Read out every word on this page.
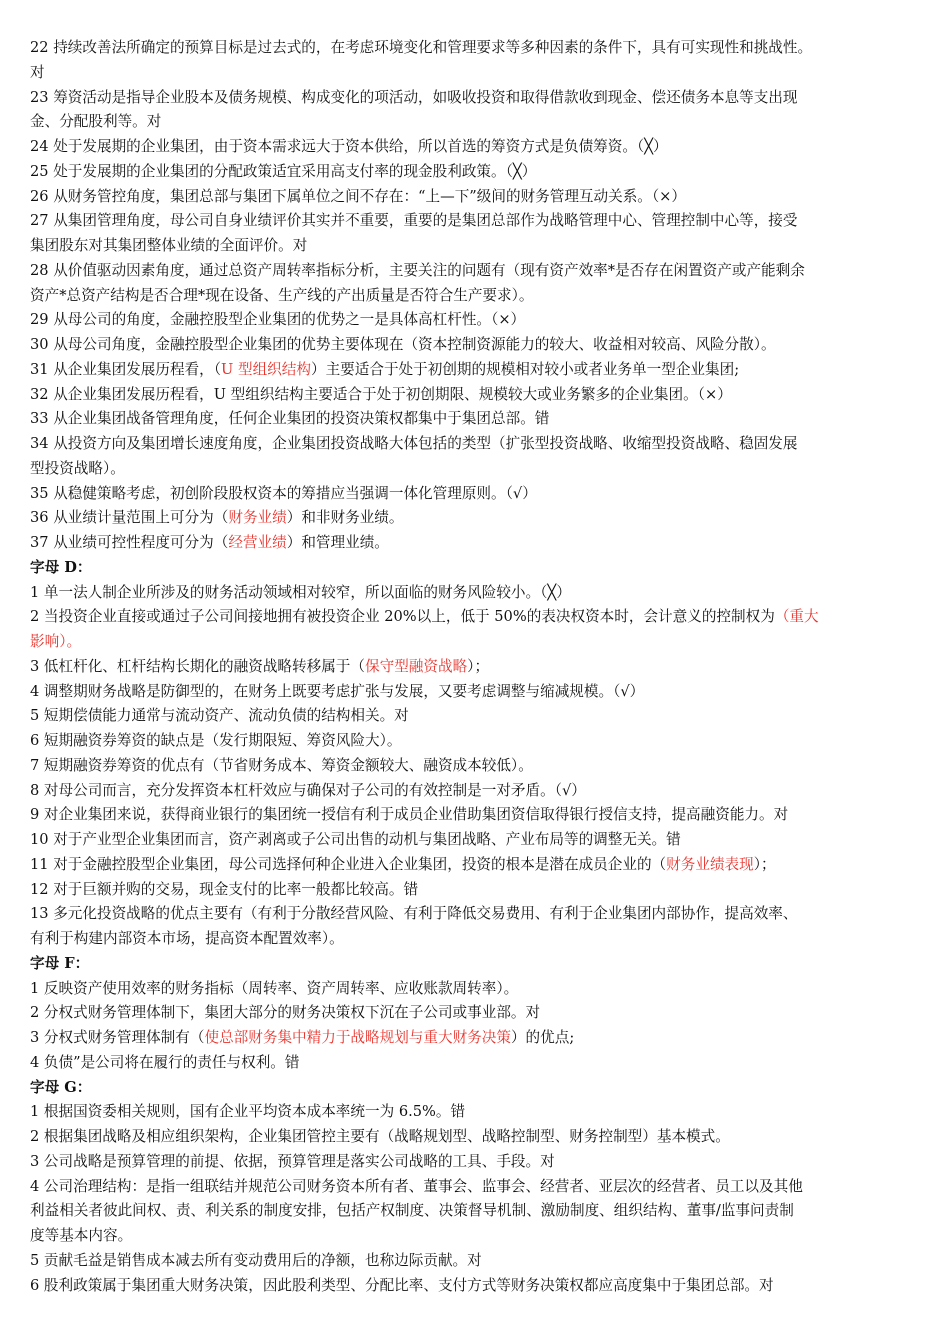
22 持续改善法所确定的预算目标是过去式的，在考虑环境变化和管理要求等多种因素的条件下，具有可实现性和挑战性。
对
23 筹资活动是指导企业股本及债务规模、构成变化的项活动，如吸收投资和取得借款收到现金、偿还债务本息等支出现
金、分配股利等。对
24 处于发展期的企业集团，由于资本需求远大于资本供给，所以首选的筹资方式是负债筹资。（╳）
25 处于发展期的企业集团的分配政策适宜采用高支付率的现金股利政策。（╳）
26 从财务管控角度，集团总部与集团下属单位之间不存在：“上—下”级间的财务管理互动关系。（×）
27 从集团管理角度，母公司自身业绩评价其实并不重要，重要的是集团总部作为战略管理中心、管理控制中心等，接受
集团股东对其集团整体业绩的全面评价。对
28 从价值驱动因素角度，通过总资产周转率指标分析，主要关注的问题有（现有资产效率*是否存在闲置资产或产能剩余
资产*总资产结构是否合理*现在设备、生产线的产出质量是否符合生产要求）。
29 从母公司的角度，金融控股型企业集团的优势之一是具体高杠杆性。（×）
30 从母公司角度，金融控股型企业集团的优势主要体现在（资本控制资源能力的较大、收益相对较高、风险分散）。
31 从企业集团发展历程看，（U 型组织结构）主要适合于处于初创期的规模相对较小或者业务单一型企业集团;
32 从企业集团发展历程看，U 型组织结构主要适合于处于初创期限、规模较大或业务繁多的企业集团。（×）
33 从企业集团战备管理角度，任何企业集团的投资决策权都集中于集团总部。错
34 从投资方向及集团增长速度角度，企业集团投资战略大体包括的类型（扩张型投资战略、收缩型投资战略、稳固发展
型投资战略）。
35 从稳健策略考虑，初创阶段股权资本的筹措应当强调一体化管理原则。（√）
36 从业绩计量范围上可分为（财务业绩）和非财务业绩。
37 从业绩可控性程度可分为（经营业绩）和管理业绩。
字母 D：
1 单一法人制企业所涉及的财务活动领域相对较窄，所以面临的财务风险较小。（╳）
2 当投资企业直接或通过子公司间接地拥有被投资企业 20%以上，低于 50%的表决权资本时，会计意义的控制权为（重大
影响）。
3 低杠杆化、杠杆结构长期化的融资战略转移属于（保守型融资战略）；
4 调整期财务战略是防御型的，在财务上既要考虑扩张与发展，又要考虑调整与缩减规模。（√）
5 短期偿债能力通常与流动资产、流动负债的结构相关。对
6 短期融资券筹资的缺点是（发行期限短、筹资风险大）。
7 短期融资券筹资的优点有（节省财务成本、筹资金额较大、融资成本较低）。
8 对母公司而言，充分发挥资本杠杆效应与确保对子公司的有效控制是一对矛盾。（√）
9 对企业集团来说，获得商业银行的集团统一授信有利于成员企业借助集团资信取得银行授信支持，提高融资能力。对
10 对于产业型企业集团而言，资产剥离或子公司出售的动机与集团战略、产业布局等的调整无关。错
11 对于金融控股型企业集团，母公司选择何种企业进入企业集团，投资的根本是潜在成员企业的（财务业绩表现）；
12 对于巨额并购的交易，现金支付的比率一般都比较高。错
13 多元化投资战略的优点主要有（有利于分散经营风险、有利于降低交易费用、有利于企业集团内部协作，提高效率、
有利于构建内部资本市场，提高资本配置效率）。
字母 F：
1 反映资产使用效率的财务指标（周转率、资产周转率、应收账款周转率）。
2 分权式财务管理体制下，集团大部分的财务决策权下沉在子公司或事业部。对
3 分权式财务管理体制有（使总部财务集中精力于战略规划与重大财务决策）的优点;
4 负债”是公司将在履行的责任与权利。错
字母 G：
1 根据国资委相关规则，国有企业平均资本成本率统一为 6.5%。错
2 根据集团战略及相应组织架构，企业集团管控主要有（战略规划型、战略控制型、财务控制型）基本模式。
3 公司战略是预算管理的前提、依据，预算管理是落实公司战略的工具、手段。对
4 公司治理结构：是指一组联结并规范公司财务资本所有者、董事会、监事会、经营者、亚层次的经营者、员工以及其他
利益相关者彼此间权、责、利关系的制度安排，包括产权制度、决策督导机制、激励制度、组织结构、董事/监事问责制
度等基本内容。
5 贡献毛益是销售成本减去所有变动费用后的净额，也称边际贡献。对
6 股利政策属于集团重大财务决策，因此股利类型、分配比率、支付方式等财务决策权都应高度集中于集团总部。对
